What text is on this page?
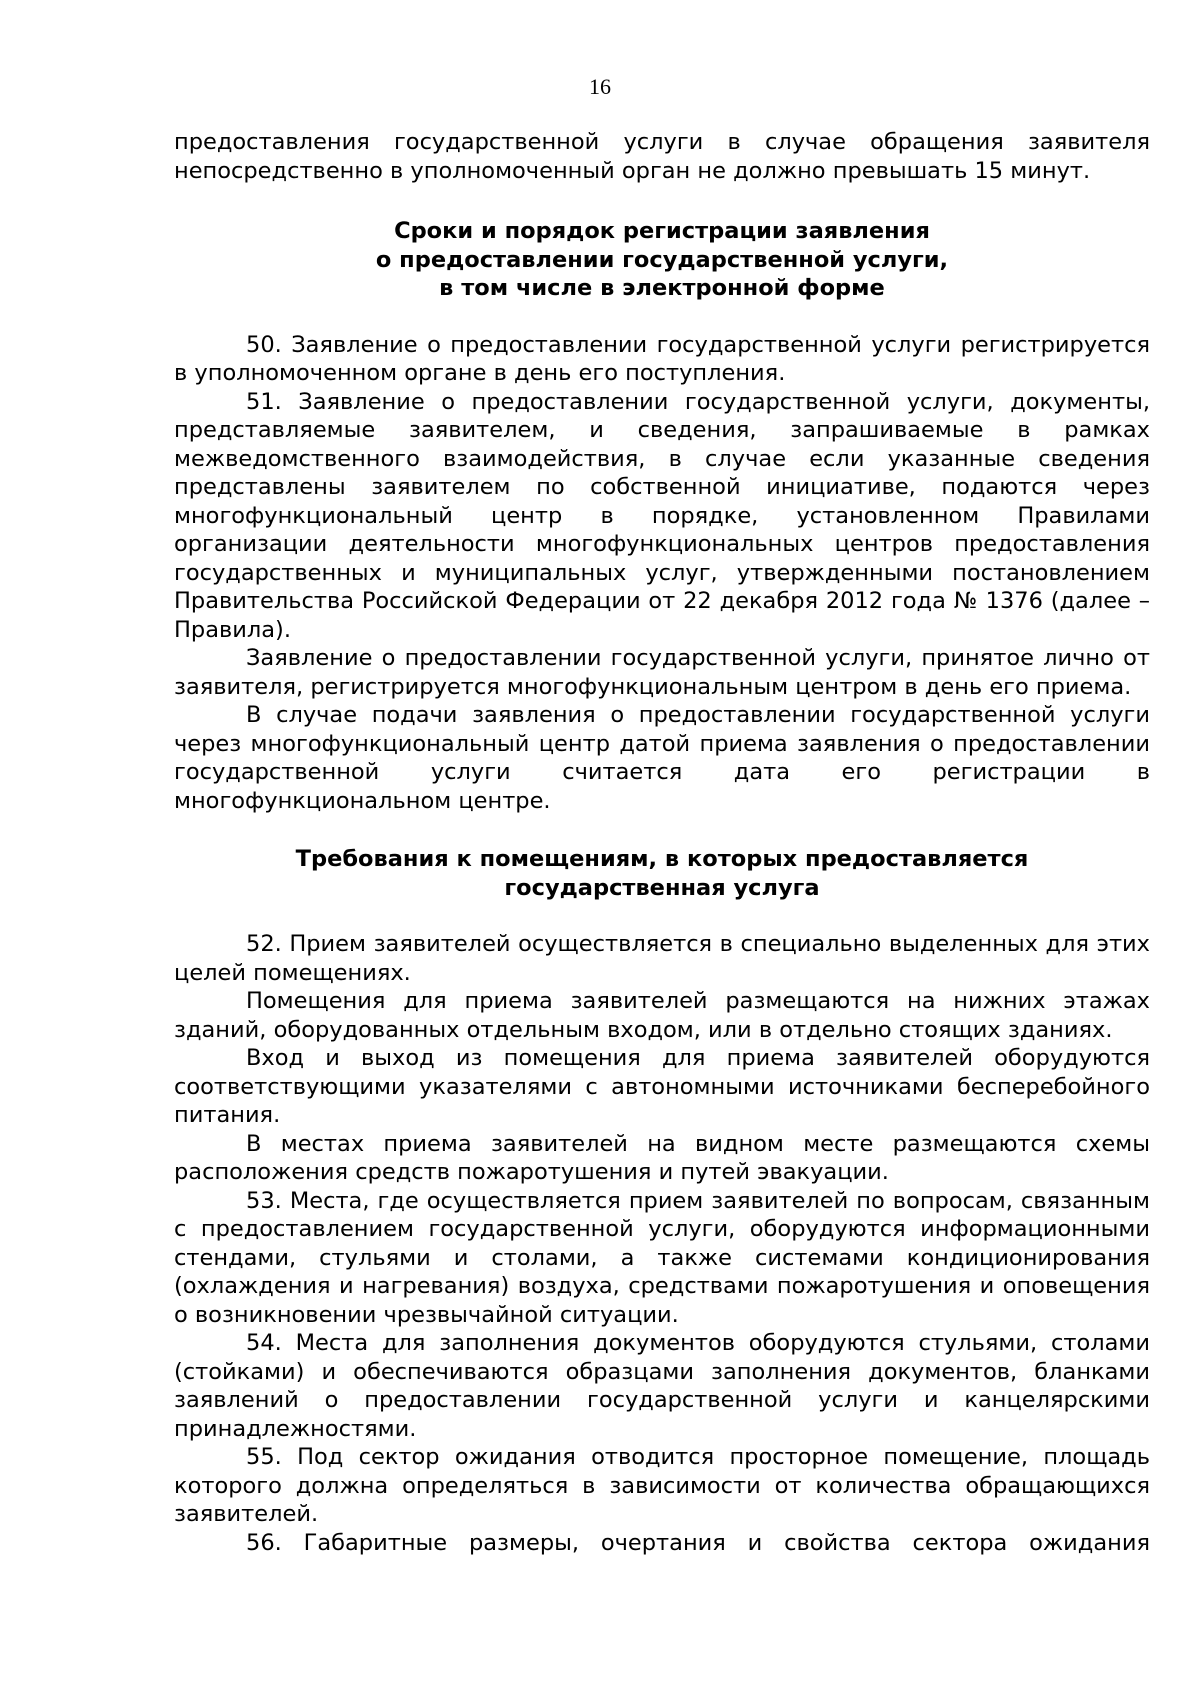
16

предоставления государственной услуги в случае обращения заявителя непосредственно в уполномоченный орган не должно превышать 15 минут.

Сроки и порядок регистрации заявления
о предоставлении государственной услуги,
в том числе в электронной форме

50. Заявление о предоставлении государственной услуги регистрируется в уполномоченном органе в день его поступления.

51. Заявление о предоставлении государственной услуги, документы, представляемые заявителем, и сведения, запрашиваемые в рамках межведомственного взаимодействия, в случае если указанные сведения представлены заявителем по собственной инициативе, подаются через многофункциональный центр в порядке, установленном Правилами организации деятельности многофункциональных центров предоставления государственных и муниципальных услуг, утвержденными постановлением Правительства Российской Федерации от 22 декабря 2012 года № 1376 (далее – Правила).

Заявление о предоставлении государственной услуги, принятое лично от заявителя, регистрируется многофункциональным центром в день его приема.

В случае подачи заявления о предоставлении государственной услуги через многофункциональный центр датой приема заявления о предоставлении государственной услуги считается дата его регистрации в многофункциональном центре.

Требования к помещениям, в которых предоставляется
государственная услуга

52. Прием заявителей осуществляется в специально выделенных для этих целей помещениях.

Помещения для приема заявителей размещаются на нижних этажах зданий, оборудованных отдельным входом, или в отдельно стоящих зданиях.

Вход и выход из помещения для приема заявителей оборудуются соответствующими указателями с автономными источниками бесперебойного питания.

В местах приема заявителей на видном месте размещаются схемы расположения средств пожаротушения и путей эвакуации.

53. Места, где осуществляется прием заявителей по вопросам, связанным с предоставлением государственной услуги, оборудуются информационными стендами, стульями и столами, а также системами кондиционирования (охлаждения и нагревания) воздуха, средствами пожаротушения и оповещения о возникновении чрезвычайной ситуации.

54. Места для заполнения документов оборудуются стульями, столами (стойками) и обеспечиваются образцами заполнения документов, бланками заявлений о предоставлении государственной услуги и канцелярскими принадлежностями.

55. Под сектор ожидания отводится просторное помещение, площадь которого должна определяться в зависимости от количества обращающихся заявителей.

56. Габаритные размеры, очертания и свойства сектора ожидания
